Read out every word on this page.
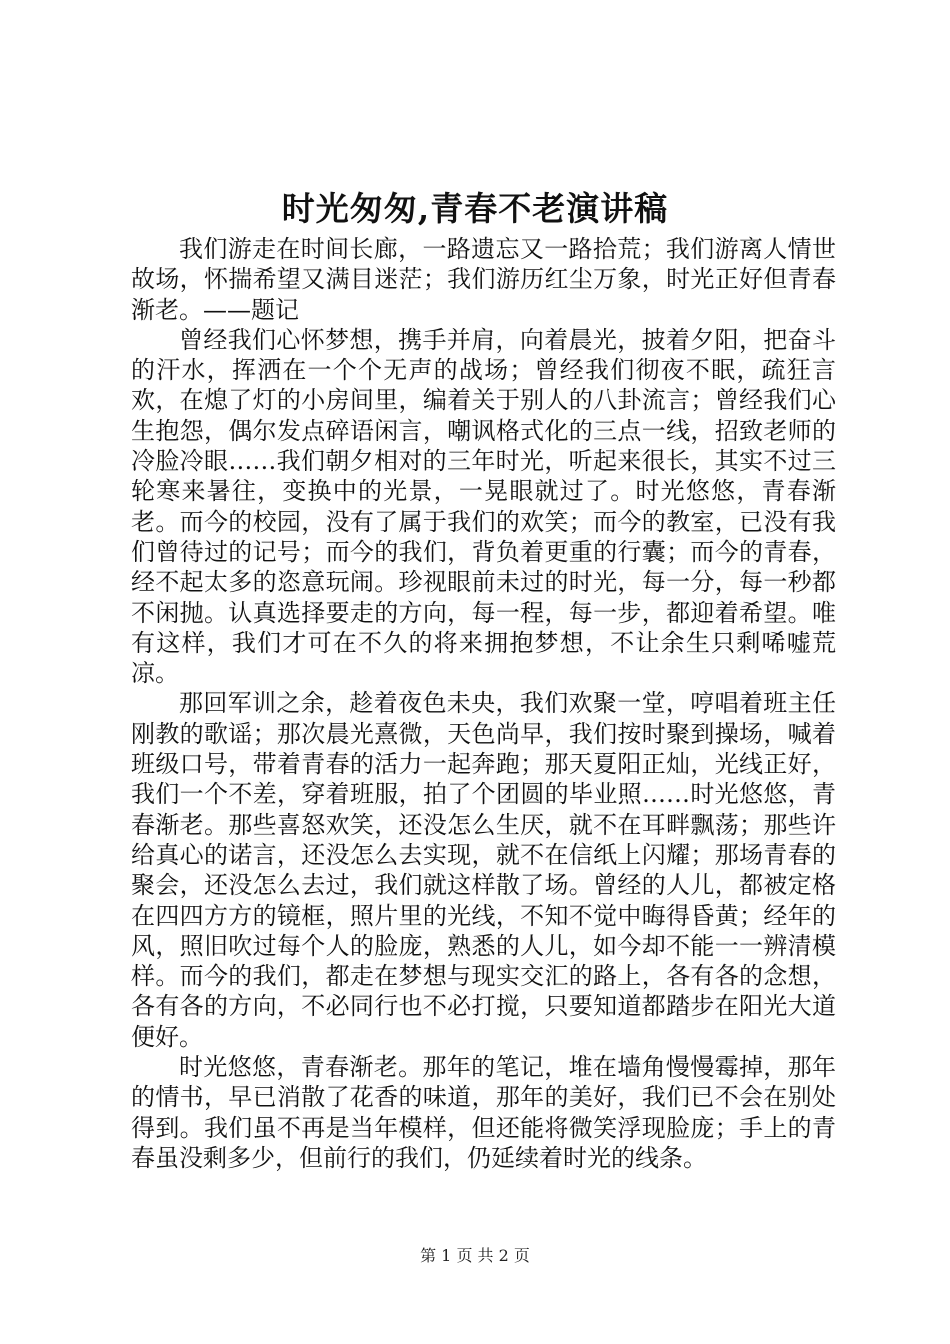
时光匆匆,青春不老演讲稿

我们游走在时间长廊，一路遗忘又一路拾荒；我们游离人情世故场，怀揣希望又满目迷茫；我们游历红尘万象，时光正好但青春渐老。——题记

曾经我们心怀梦想，携手并肩，向着晨光，披着夕阳，把奋斗的汗水，挥洒在一个个无声的战场；曾经我们彻夜不眠，疏狂言欢，在熄了灯的小房间里，编着关于别人的八卦流言；曾经我们心生抱怨，偶尔发点碎语闲言，嘲讽格式化的三点一线，招致老师的冷脸冷眼……我们朝夕相对的三年时光，听起来很长，其实不过三轮寒来暑往，变换中的光景，一晃眼就过了。时光悠悠，青春渐老。而今的校园，没有了属于我们的欢笑；而今的教室，已没有我们曾待过的记号；而今的我们，背负着更重的行囊；而今的青春，经不起太多的恣意玩闹。珍视眼前未过的时光，每一分，每一秒都不闲抛。认真选择要走的方向，每一程，每一步，都迎着希望。唯有这样，我们才可在不久的将来拥抱梦想，不让余生只剩唏嘘荒凉。

那回军训之余，趁着夜色未央，我们欢聚一堂，哼唱着班主任刚教的歌谣；那次晨光熹微，天色尚早，我们按时聚到操场，喊着班级口号，带着青春的活力一起奔跑；那天夏阳正灿，光线正好，我们一个不差，穿着班服，拍了个团圆的毕业照……时光悠悠，青春渐老。那些喜怒欢笑，还没怎么生厌，就不在耳畔飘荡；那些许给真心的诺言，还没怎么去实现，就不在信纸上闪耀；那场青春的聚会，还没怎么去过，我们就这样散了场。曾经的人儿，都被定格在四四方方的镜框，照片里的光线，不知不觉中晦得昏黄；经年的风，照旧吹过每个人的脸庞，熟悉的人儿，如今却不能一一辨清模样。而今的我们，都走在梦想与现实交汇的路上，各有各的念想，各有各的方向，不必同行也不必打搅，只要知道都踏步在阳光大道便好。

时光悠悠，青春渐老。那年的笔记，堆在墙角慢慢霉掉，那年的情书，早已消散了花香的味道，那年的美好，我们已不会在别处得到。我们虽不再是当年模样，但还能将微笑浮现脸庞；手上的青春虽没剩多少，但前行的我们，仍延续着时光的线条。

第 1 页 共 2 页
